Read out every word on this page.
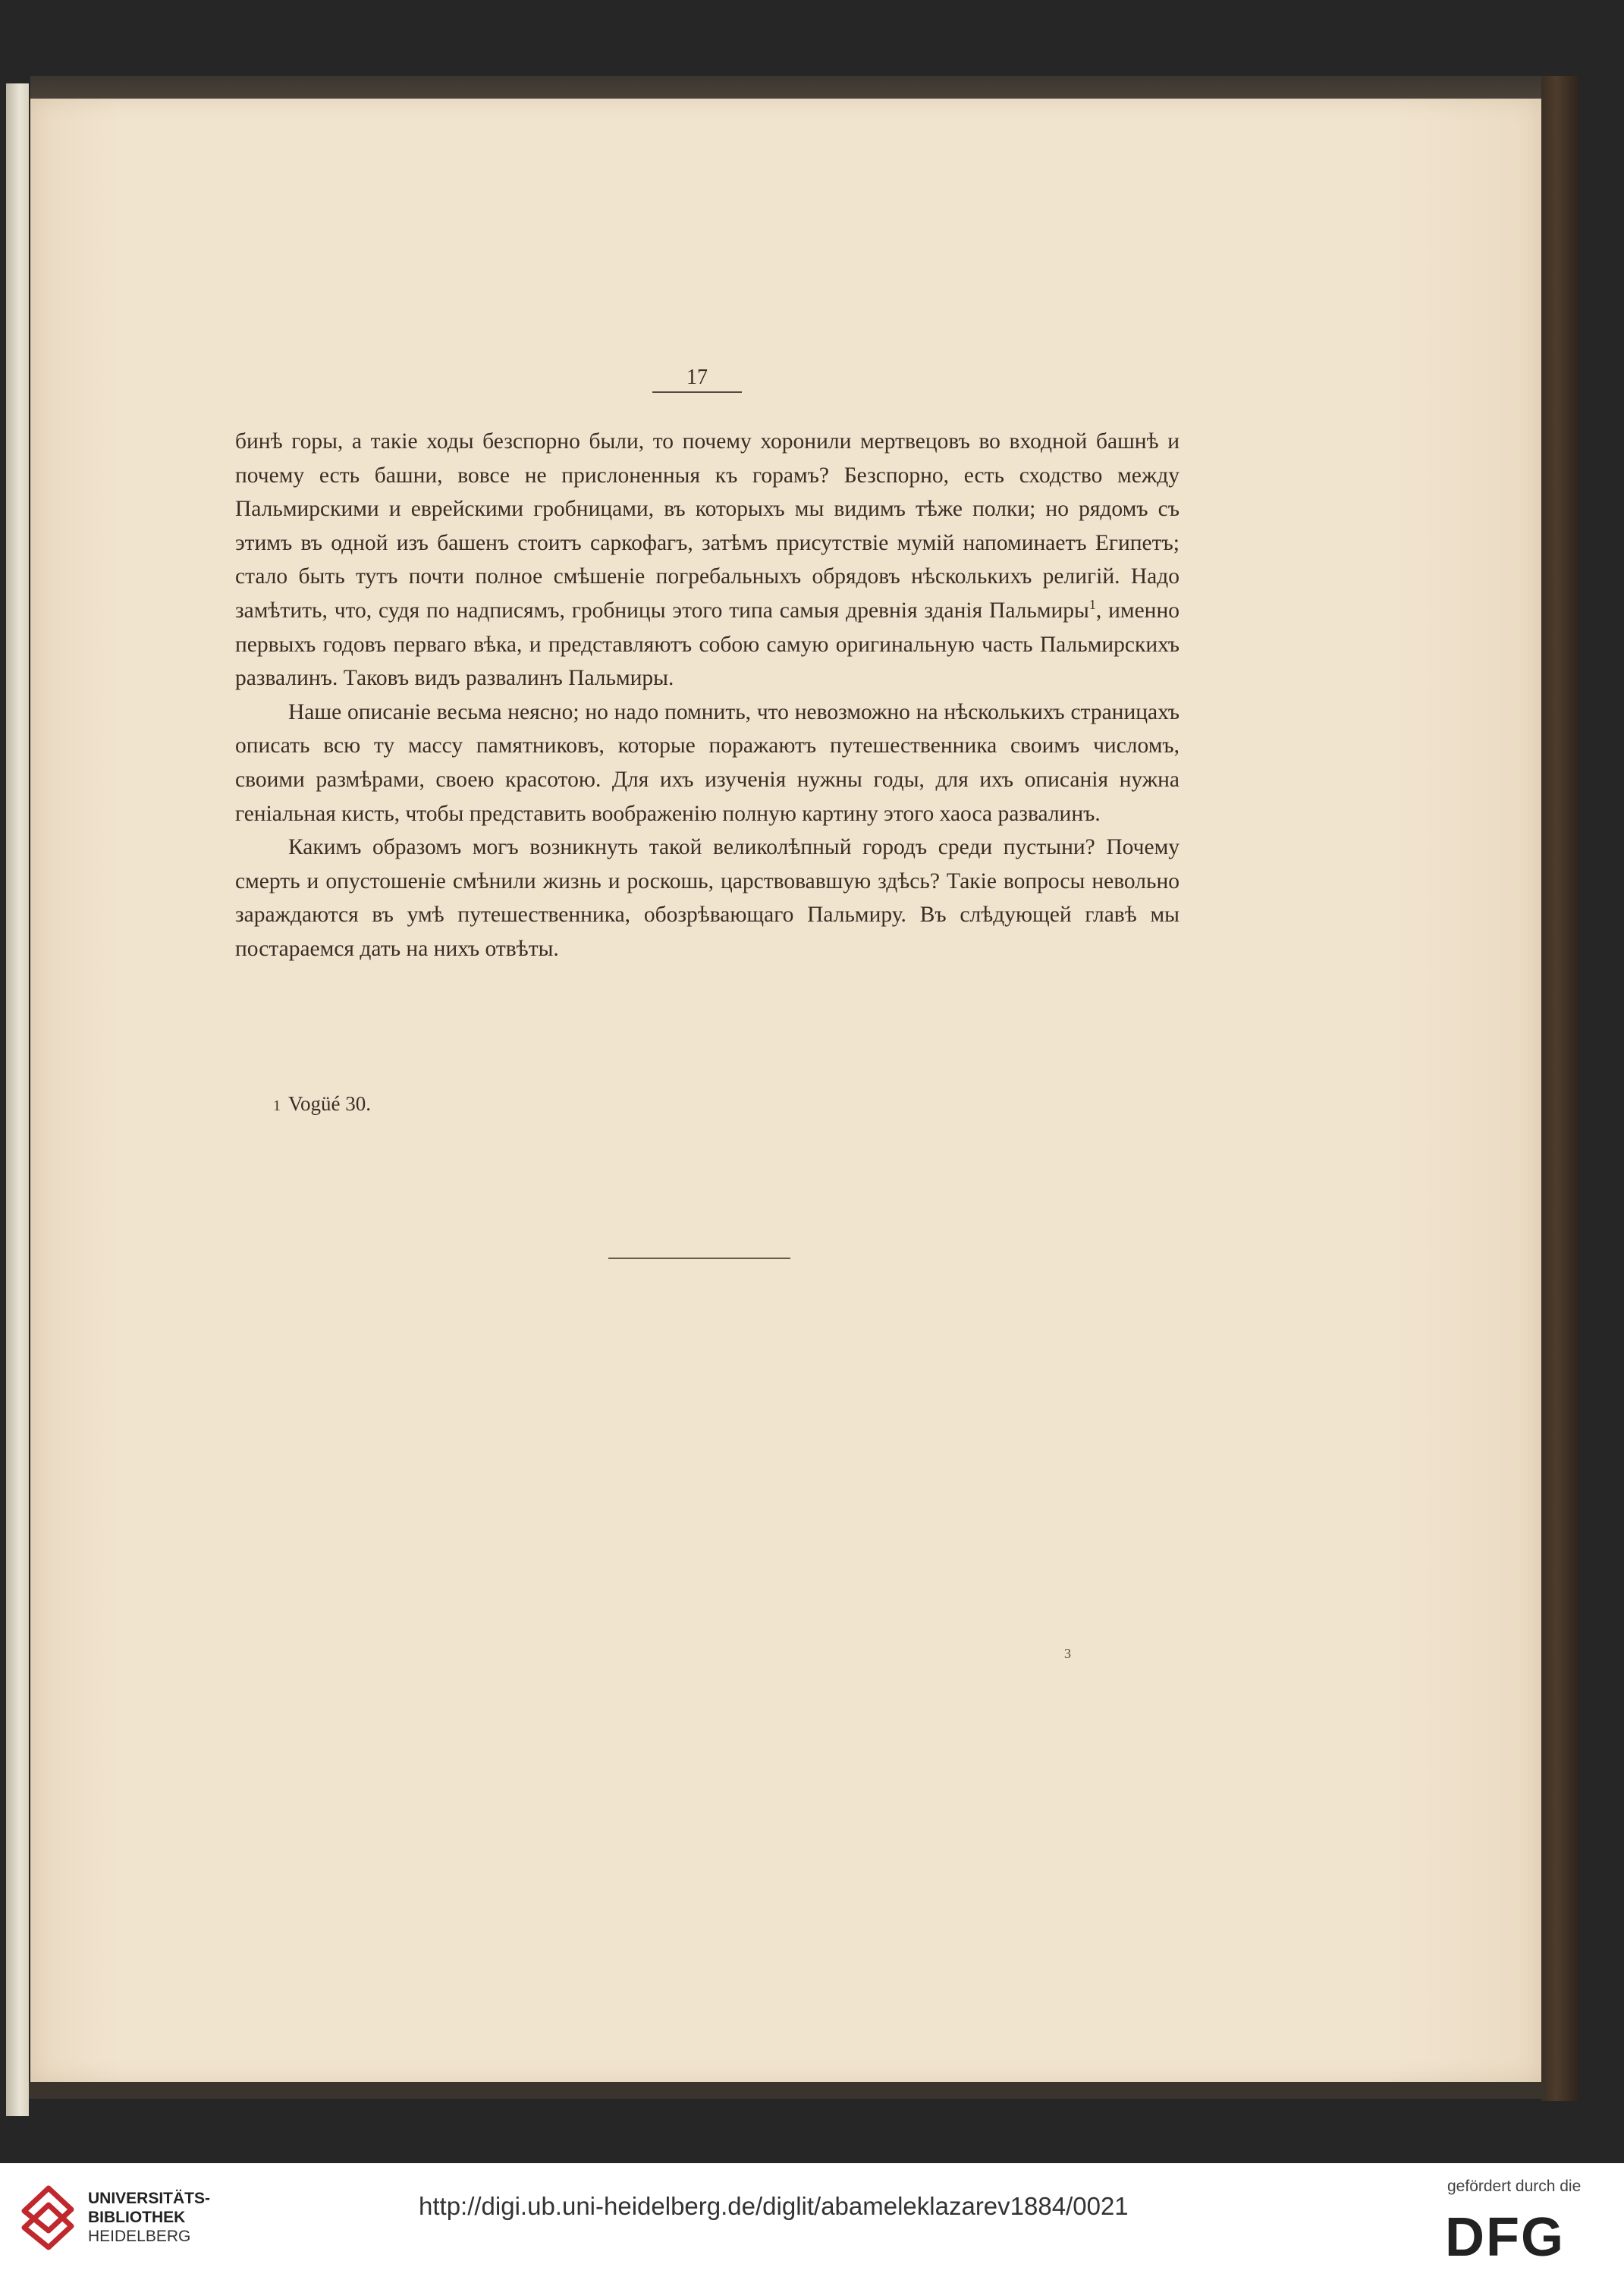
17

бинѣ горы, а такіе ходы безспорно были, то почему хоронили мертвецовъ во входной башнѣ и почему есть башни, вовсе не прислоненныя къ горамъ? Безспорно, есть сходство между Пальмирскими и еврейскими гробницами, въ которыхъ мы видимъ тѣже полки; но рядомъ съ этимъ въ одной изъ башенъ стоитъ саркофагъ, затѣмъ присутствіе мумій напоминаетъ Египетъ; стало быть тутъ почти полное смѣшеніе погребальныхъ обрядовъ нѣсколькихъ религій. Надо замѣтить, что, судя по надписямъ, гробницы этого типа самыя древнія зданія Пальмиры$^1$, именно первыхъ годовъ перваго вѣка, и представляютъ собою самую оригинальную часть Пальмирскихъ развалинъ. Таковъ видъ развалинъ Пальмиры.

Наше описаніе весьма неясно; но надо помнить, что невозможно на нѣсколькихъ страницахъ описать всю ту массу памятниковъ, которые поражаютъ путешественника своимъ числомъ, своими размѣрами, своею красотою. Для ихъ изученія нужны годы, для ихъ описанія нужна геніальная кисть, чтобы представить воображенію полную картину этого хаоса развалинъ.

Какимъ образомъ могъ возникнуть такой великолѣпный городъ среди пустыни? Почему смерть и опустошеніе смѣнили жизнь и роскошь, царствовавшую здѣсь? Такіе вопросы невольно зараждаются въ умѣ путешественника, обозрѣвающаго Пальмиру. Въ слѣдующей главѣ мы постараемся дать на нихъ отвѣты.

1 Vogüé 30.
3
UNIVERSITÄTS-
BIBLIOTHEK
HEIDELBERG
http://digi.ub.uni-heidelberg.de/diglit/abameleklazarev1884/0021
gefördert durch die
DFG
